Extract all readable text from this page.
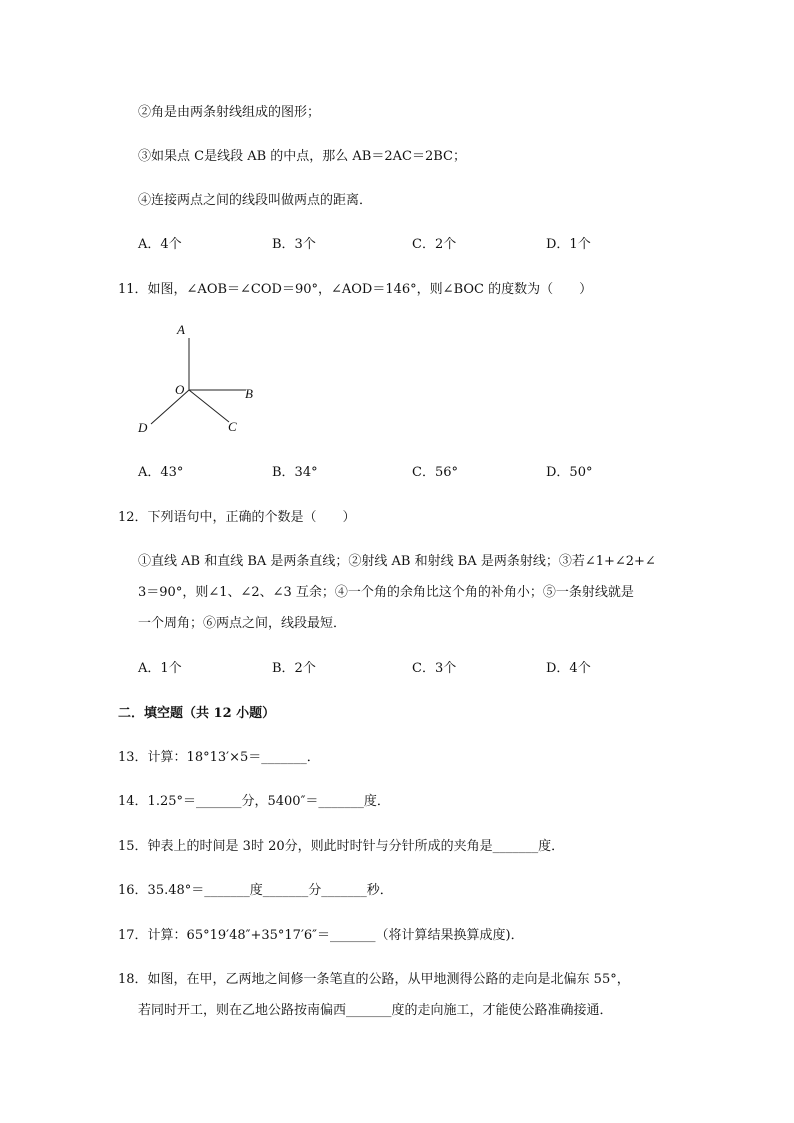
②角是由两条射线组成的图形；
③如果点 C是线段 AB 的中点，那么 AB＝2AC＝2BC；
④连接两点之间的线段叫做两点的距离．
A．4个	B．3个	C．2个	D．1个
11．如图，∠AOB＝∠COD＝90°，∠AOD＝146°，则∠BOC 的度数为（　　）
A
O	B
C
D
A．43°	B．34°	C．56°	D．50°
12．下列语句中，正确的个数是（　　）
①直线 AB 和直线 BA 是两条直线；②射线 AB 和射线 BA 是两条射线；③若∠1+∠2+∠
3＝90°，则∠1、∠2、∠3 互余；④一个角的余角比这个角的补角小；⑤一条射线就是
一个周角；⑥两点之间，线段最短．
A．1个	B．2个	C．3个	D．4个
二．填空题（共 12 小题）
13．计算：18°13′×5＝_______．
14．1.25°＝_______分，5400″＝_______度．
15．钟表上的时间是 3时 20分，则此时时针与分针所成的夹角是_______度．
16．35.48°＝_______度_______分_______秒．
17．计算：65°19′48″+35°17′6″＝_______（将计算结果换算成度)．
18．如图，在甲，乙两地之间修一条笔直的公路，从甲地测得公路的走向是北偏东 55°，
若同时开工，则在乙地公路按南偏西_______度的走向施工，才能使公路准确接通．
